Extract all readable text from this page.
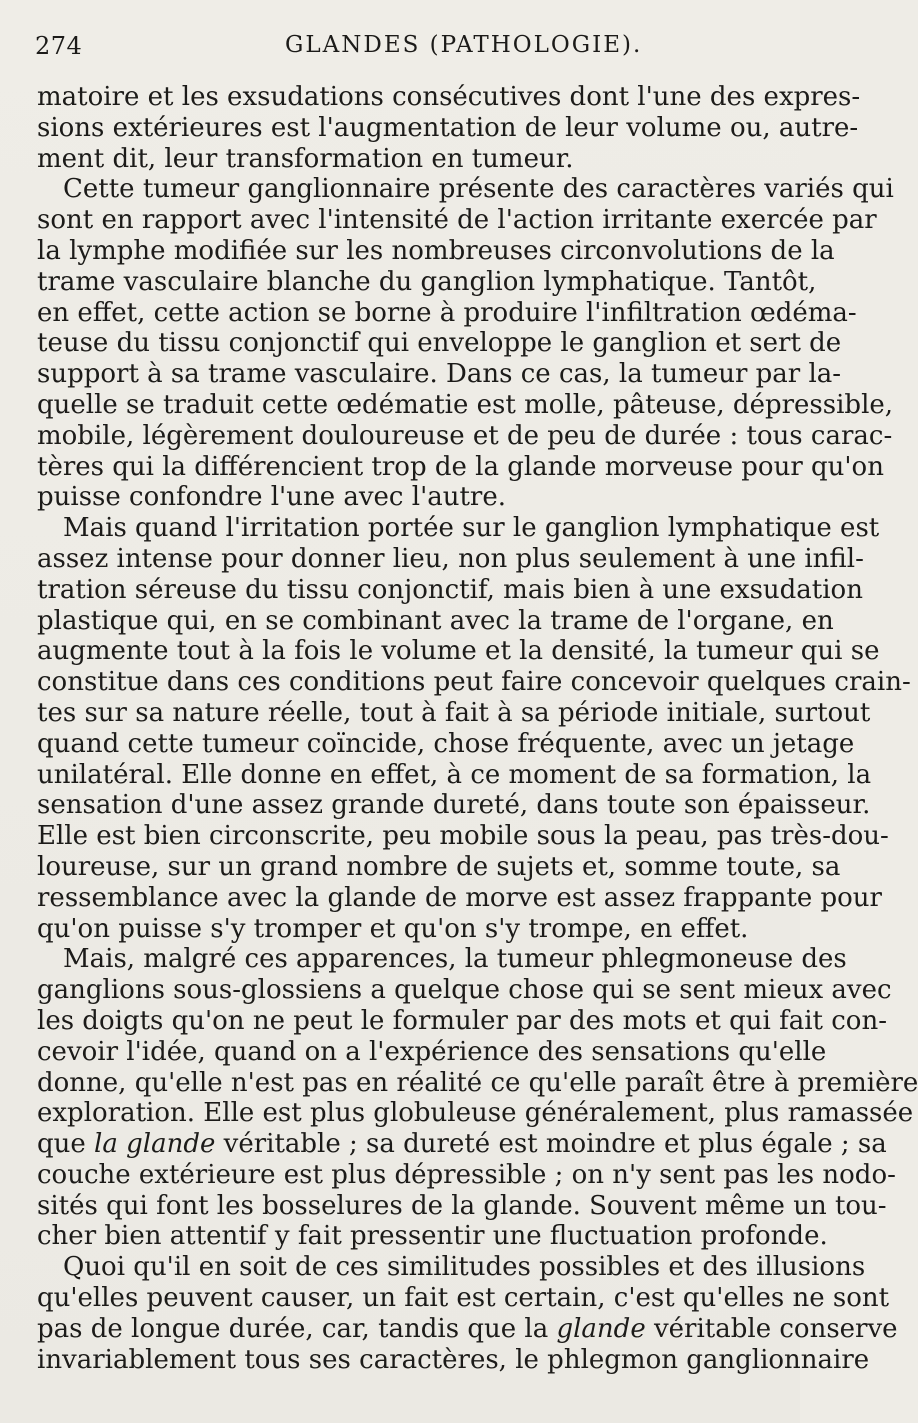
274	GLANDES (PATHOLOGIE).

matoire et les exsudations consécutives dont l'une des expres-
sions extérieures est l'augmentation de leur volume ou, autre-
ment dit, leur transformation en tumeur.

Cette tumeur ganglionnaire présente des caractères variés qui
sont en rapport avec l'intensité de l'action irritante exercée par
la lymphe modifiée sur les nombreuses circonvolutions de la
trame vasculaire blanche du ganglion lymphatique. Tantôt,
en effet, cette action se borne à produire l'infiltration œdéma-
teuse du tissu conjonctif qui enveloppe le ganglion et sert de
support à sa trame vasculaire. Dans ce cas, la tumeur par la-
quelle se traduit cette œdématie est molle, pâteuse, dépressible,
mobile, légèrement douloureuse et de peu de durée : tous carac-
tères qui la différencient trop de la glande morveuse pour qu'on
puisse confondre l'une avec l'autre.

Mais quand l'irritation portée sur le ganglion lymphatique est
assez intense pour donner lieu, non plus seulement à une infil-
tration séreuse du tissu conjonctif, mais bien à une exsudation
plastique qui, en se combinant avec la trame de l'organe, en
augmente tout à la fois le volume et la densité, la tumeur qui se
constitue dans ces conditions peut faire concevoir quelques crain-
tes sur sa nature réelle, tout à fait à sa période initiale, surtout
quand cette tumeur coïncide, chose fréquente, avec un jetage
unilatéral. Elle donne en effet, à ce moment de sa formation, la
sensation d'une assez grande dureté, dans toute son épaisseur.
Elle est bien circonscrite, peu mobile sous la peau, pas très-dou-
loureuse, sur un grand nombre de sujets et, somme toute, sa
ressemblance avec la glande de morve est assez frappante pour
qu'on puisse s'y tromper et qu'on s'y trompe, en effet.

Mais, malgré ces apparences, la tumeur phlegmoneuse des
ganglions sous-glossiens a quelque chose qui se sent mieux avec
les doigts qu'on ne peut le formuler par des mots et qui fait con-
cevoir l'idée, quand on a l'expérience des sensations qu'elle
donne, qu'elle n'est pas en réalité ce qu'elle paraît être à première
exploration. Elle est plus globuleuse généralement, plus ramassée
que la glande véritable ; sa dureté est moindre et plus égale ; sa
couche extérieure est plus dépressible ; on n'y sent pas les nodo-
sités qui font les bosselures de la glande. Souvent même un tou-
cher bien attentif y fait pressentir une fluctuation profonde.

Quoi qu'il en soit de ces similitudes possibles et des illusions
qu'elles peuvent causer, un fait est certain, c'est qu'elles ne sont
pas de longue durée, car, tandis que la glande véritable conserve
invariablement tous ses caractères, le phlegmon ganglionnaire
